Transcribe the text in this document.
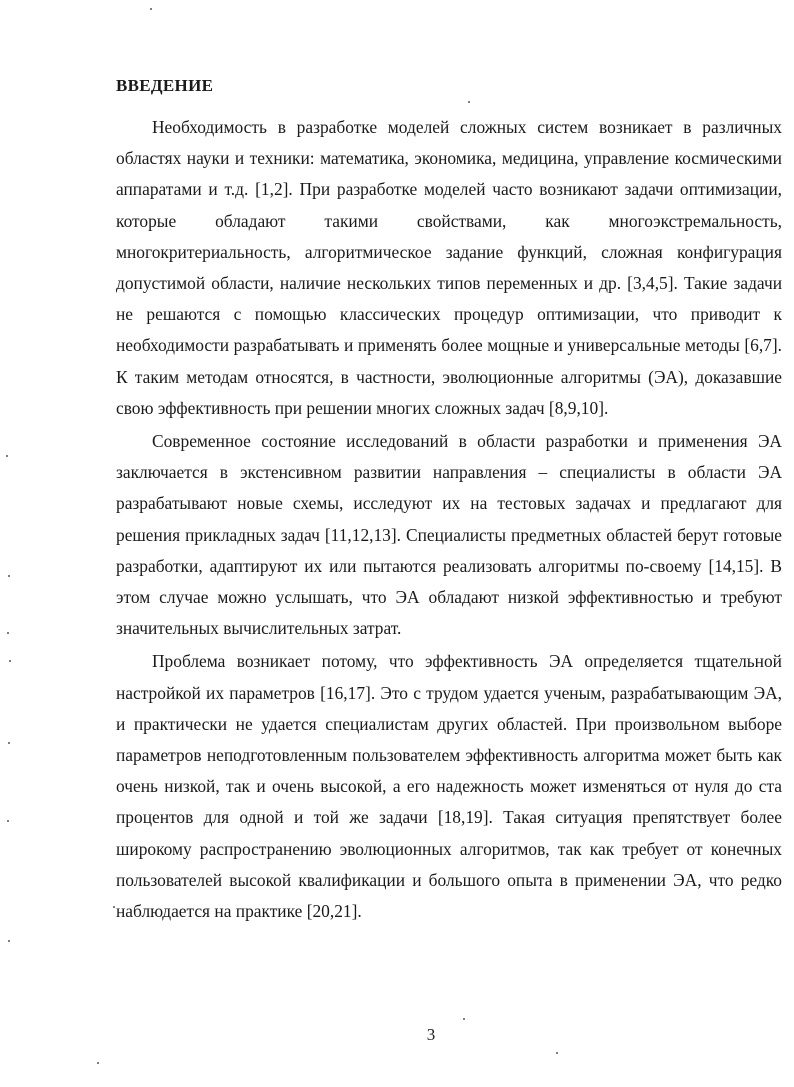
ВВЕДЕНИЕ

Необходимость в разработке моделей сложных систем возникает в различных областях науки и техники: математика, экономика, медицина, управление космическими аппаратами и т.д. [1,2]. При разработке моделей часто возникают задачи оптимизации, которые обладают такими свойствами, как многоэкстремальность, многокритериальность, алгоритмическое задание функций, сложная конфигурация допустимой области, наличие нескольких типов переменных и др. [3,4,5]. Такие задачи не решаются с помощью классических процедур оптимизации, что приводит к необходимости разрабатывать и применять более мощные и универсальные методы [6,7]. К таким методам относятся, в частности, эволюционные алгоритмы (ЭА), доказавшие свою эффективность при решении многих сложных задач [8,9,10].

Современное состояние исследований в области разработки и применения ЭА заключается в экстенсивном развитии направления – специалисты в области ЭА разрабатывают новые схемы, исследуют их на тестовых задачах и предлагают для решения прикладных задач [11,12,13]. Специалисты предметных областей берут готовые разработки, адаптируют их или пытаются реализовать алгоритмы по-своему [14,15]. В этом случае можно услышать, что ЭА обладают низкой эффективностью и требуют значительных вычислительных затрат.

Проблема возникает потому, что эффективность ЭА определяется тщательной настройкой их параметров [16,17]. Это с трудом удается ученым, разрабатывающим ЭА, и практически не удается специалистам других областей. При произвольном выборе параметров неподготовленным пользователем эффективность алгоритма может быть как очень низкой, так и очень высокой, а его надежность может изменяться от нуля до ста процентов для одной и той же задачи [18,19]. Такая ситуация препятствует более широкому распространению эволюционных алгоритмов, так как требует от конечных пользователей высокой квалификации и большого опыта в применении ЭА, что редко наблюдается на практике [20,21].

3
